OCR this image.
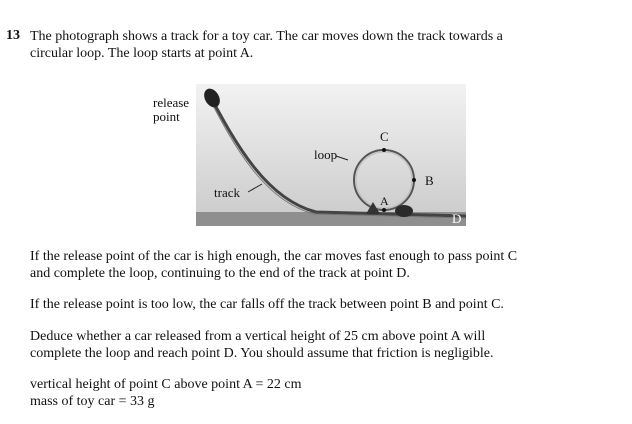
13 The photograph shows a track for a toy car. The car moves down the track towards a
circular loop. The loop starts at point A.
release
point
loop
track
C
B
A
D
If the release point of the car is high enough, the car moves fast enough to pass point C
and complete the loop, continuing to the end of the track at point D.
If the release point is too low, the car falls off the track between point B and point C.
Deduce whether a car released from a vertical height of 25 cm above point A will
complete the loop and reach point D. You should assume that friction is negligible.
vertical height of point C above point A = 22 cm
mass of toy car = 33 g
